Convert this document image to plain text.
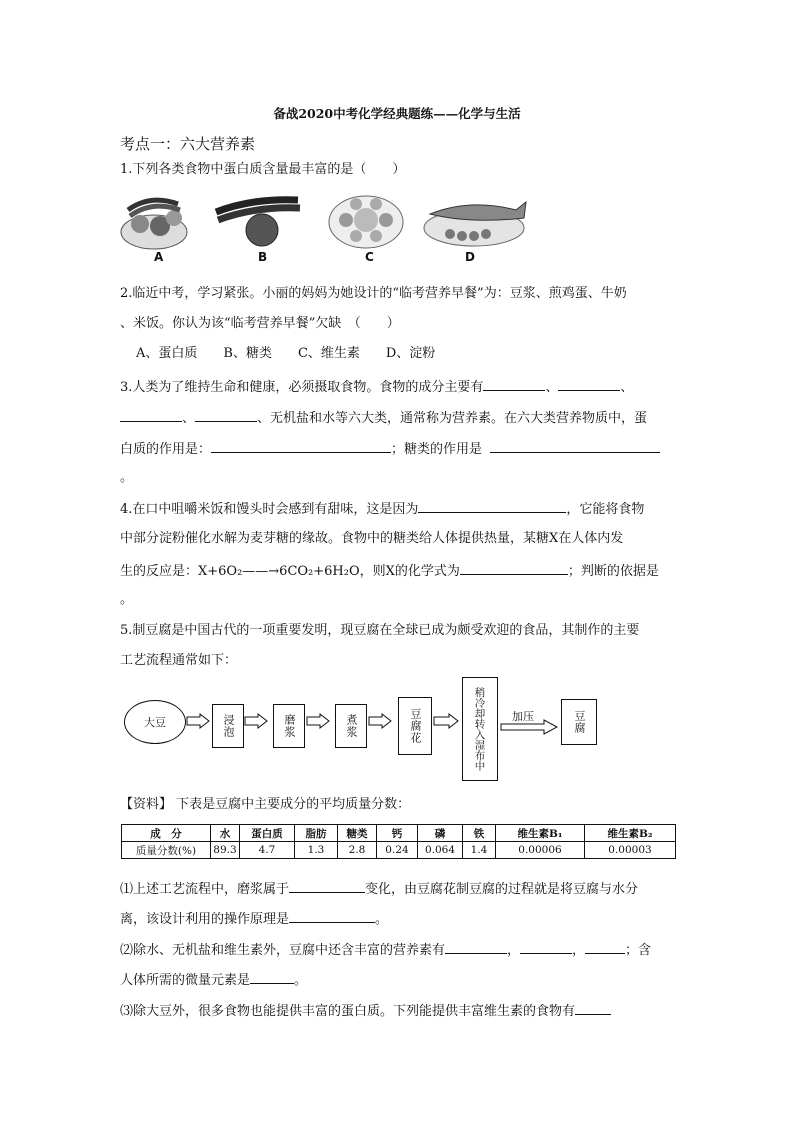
备战2020中考化学经典题练——化学与生活
考点一：六大营养素
1.下列各类食物中蛋白质含量最丰富的是（　　）
A	B	C	D
2.临近中考，学习紧张。小丽的妈妈为她设计的“临考营养早餐”为：豆浆、煎鸡蛋、牛奶
、米饭。你认为该“临考营养早餐”欠缺　（　　）
A、蛋白质　　B、糖类　　C、维生素　　D、淀粉
3.人类为了维持生命和健康，必须摄取食物。食物的成分主要有	、	、
、	、无机盐和水等六大类，通常称为营养素。在六大类营养物质中，蛋
白质的作用是：	；糖类的作用是
。
4.在口中咀嚼米饭和馒头时会感到有甜味，这是因为	，它能将食物
中部分淀粉催化水解为麦芽糖的缘故。食物中的糖类给人体提供热量，某糖X在人体内发
生的反应是：X+6O₂——→6CO₂+6H₂O，则X的化学式为	；判断的依据是
。
5.制豆腐是中国古代的一项重要发明，现豆腐在全球已成为颇受欢迎的食品，其制作的主要
工艺流程通常如下：
大豆	浸泡	磨浆	煮浆	豆腐花	稍冷却转入湿布中	加压	豆腐
【资料】 下表是豆腐中主要成分的平均质量分数：
成　分	水	蛋白质	脂肪	糖类	钙	磷	铁	维生素B₁	维生素B₂
质量分数(%)	89.3	4.7	1.3	2.8	0.24	0.064	1.4	0.00006	0.00003
⑴上述工艺流程中，磨浆属于	变化，由豆腐花制豆腐的过程就是将豆腐与水分
离，该设计利用的操作原理是	。
⑵除水、无机盐和维生素外，豆腐中还含丰富的营养素有	，	，	；含
人体所需的微量元素是	。
⑶除大豆外，很多食物也能提供丰富的蛋白质。下列能提供丰富维生素的食物有
